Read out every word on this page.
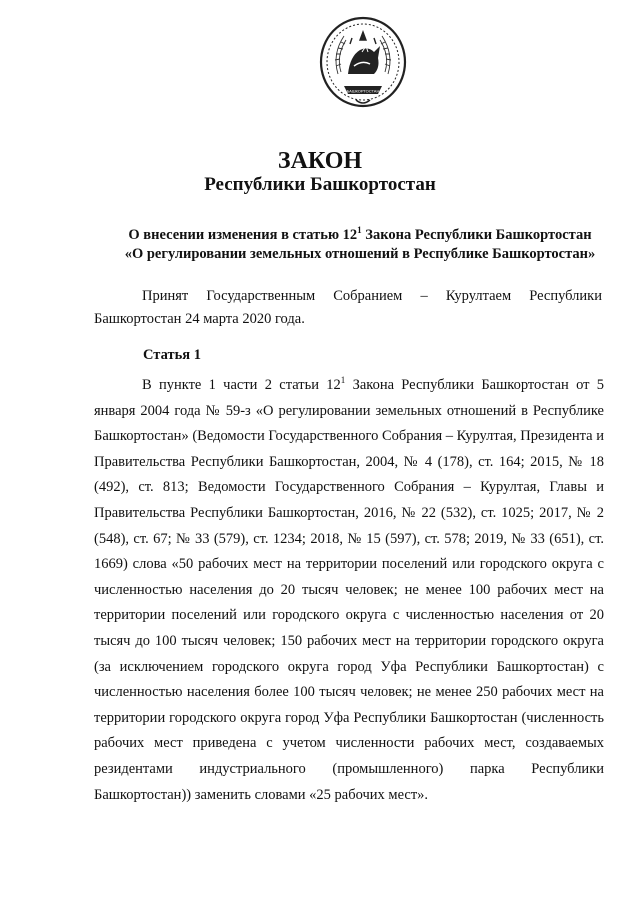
БАШКОРТОСТАН
ЗАКОН
Республики Башкортостан
О внесении изменения в статью $12^1$ Закона Республики Башкортостан
«О регулировании земельных отношений в Республике Башкортостан»
Принят Государственным Собранием – Курултаем Республики Башкортостан 24 марта 2020 года.
Статья 1
В пункте 1 части 2 статьи $12^1$ Закона Республики Башкортостан от 5 января 2004 года № 59-з «О регулировании земельных отношений в Республике Башкортостан» (Ведомости Государственного Собрания – Курултая, Президента и Правительства Республики Башкортостан, 2004, № 4 (178), ст. 164; 2015, № 18 (492), ст. 813; Ведомости Государственного Собрания – Курултая, Главы и Правительства Республики Башкортостан, 2016, № 22 (532), ст. 1025; 2017, № 2 (548), ст. 67; № 33 (579), ст. 1234; 2018, № 15 (597), ст. 578; 2019, № 33 (651), ст. 1669) слова «50 рабочих мест на территории поселений или городского округа с численностью населения до 20 тысяч человек; не менее 100 рабочих мест на территории поселений или городского округа с численностью населения от 20 тысяч до 100 тысяч человек; 150 рабочих мест на территории городского округа (за исключением городского округа город Уфа Республики Башкортостан) с численностью населения более 100 тысяч человек; не менее 250 рабочих мест на территории городского округа город Уфа Республики Башкортостан (численность рабочих мест приведена с учетом численности рабочих мест, создаваемых резидентами индустриального (промышленного) парка Республики Башкортостан)) заменить словами «25 рабочих мест».
